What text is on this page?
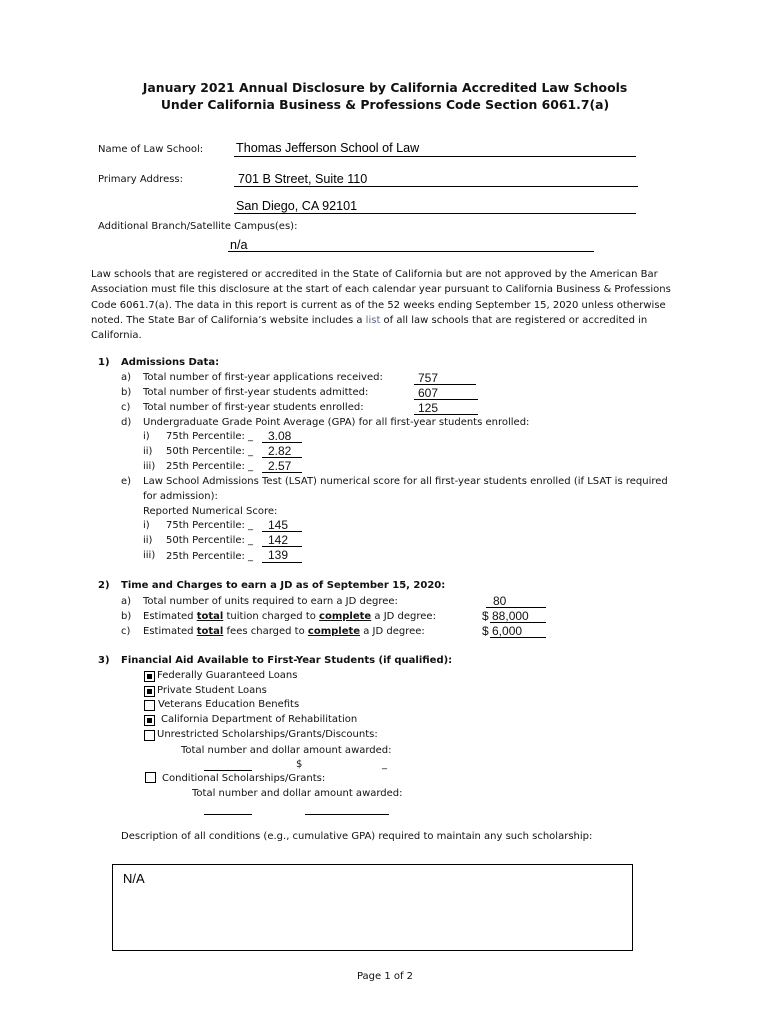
January 2021 Annual Disclosure by California Accredited Law Schools
Under California Business & Professions Code Section 6061.7(a)
Name of Law School:	Thomas Jefferson School of Law
Primary Address:	701 B Street, Suite 110
San Diego, CA 92101
Additional Branch/Satellite Campus(es):
n/a
Law schools that are registered or accredited in the State of California but are not approved by the American Bar Association must file this disclosure at the start of each calendar year pursuant to California Business & Professions Code 6061.7(a). The data in this report is current as of the 52 weeks ending September 15, 2020 unless otherwise noted. The State Bar of California’s website includes a list of all law schools that are registered or accredited in California.
1) Admissions Data:
a) Total number of first-year applications received:	757
b) Total number of first-year students admitted:	607
c) Total number of first-year students enrolled:	125
d) Undergraduate Grade Point Average (GPA) for all first-year students enrolled:
i) 75th Percentile: _ 3.08
ii) 50th Percentile: _ 2.82
iii) 25th Percentile: _ 2.57
e) Law School Admissions Test (LSAT) numerical score for all first-year students enrolled (if LSAT is required
for admission):
Reported Numerical Score:
i) 75th Percentile: _ 145
ii) 50th Percentile: _ 142
iii) 25th Percentile: _ 139
2) Time and Charges to earn a JD as of September 15, 2020:
a) Total number of units required to earn a JD degree:	80
b) Estimated total tuition charged to complete a JD degree:	$ 88,000
c) Estimated total fees charged to complete a JD degree:	$ 6,000
3) Financial Aid Available to First-Year Students (if qualified):
Federally Guaranteed Loans
Private Student Loans
Veterans Education Benefits
California Department of Rehabilitation
Unrestricted Scholarships/Grants/Discounts:
Total number and dollar amount awarded:
$	_
Conditional Scholarships/Grants:
Total number and dollar amount awarded:
Description of all conditions (e.g., cumulative GPA) required to maintain any such scholarship:
N/A
Page 1 of 2
